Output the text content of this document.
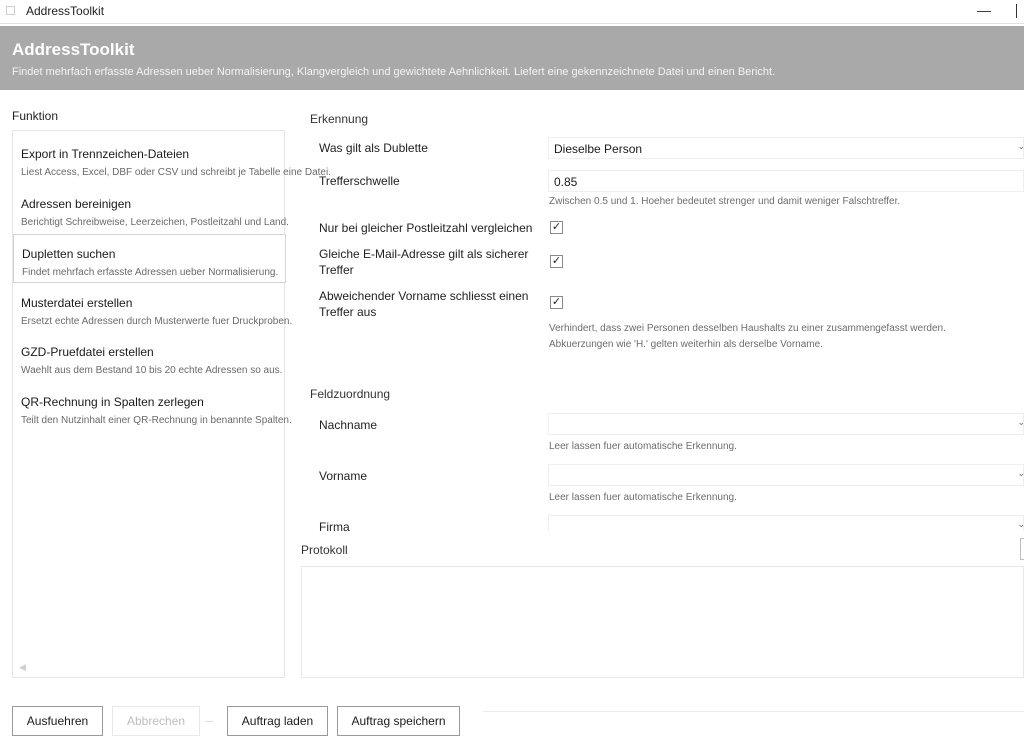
AddressToolkit	—
AddressToolkit
Findet mehrfach erfasste Adressen ueber Normalisierung, Klangvergleich und gewichtete Aehnlichkeit. Liefert eine gekennzeichnete Datei und einen Bericht.
Funktion
Export in Trennzeichen-Dateien
Liest Access, Excel, DBF oder CSV und schreibt je Tabelle eine Datei.
Adressen bereinigen
Berichtigt Schreibweise, Leerzeichen, Postleitzahl und Land.
Dupletten suchen
Findet mehrfach erfasste Adressen ueber Normalisierung.
Musterdatei erstellen
Ersetzt echte Adressen durch Musterwerte fuer Druckproben.
GZD-Pruefdatei erstellen
Waehlt aus dem Bestand 10 bis 20 echte Adressen so aus.
QR-Rechnung in Spalten zerlegen
Teilt den Nutzinhalt einer QR-Rechnung in benannte Spalten.
◀
Erkennung
Was gilt als Dublette	Dieselbe Person	⌄
Trefferschwelle	0.85
Zwischen 0.5 und 1. Hoeher bedeutet strenger und damit weniger Falschtreffer.
Nur bei gleicher Postleitzahl vergleichen ✓
Gleiche E-Mail-Adresse gilt als sicherer
Treffer
✓
Abweichender Vorname schliesst einen
Treffer aus
✓
Verhindert, dass zwei Personen desselben Haushalts zu einer zusammengefasst werden.
Abkuerzungen wie 'H.' gelten weiterhin als derselbe Vorname.
Feldzuordnung
Nachname	⌄
Leer lassen fuer automatische Erkennung.
Vorname	⌄
Leer lassen fuer automatische Erkennung.
Firma	⌄
Protokoll
Ausfuehren	Abbrechen	Auftrag laden	Auftrag speichern
